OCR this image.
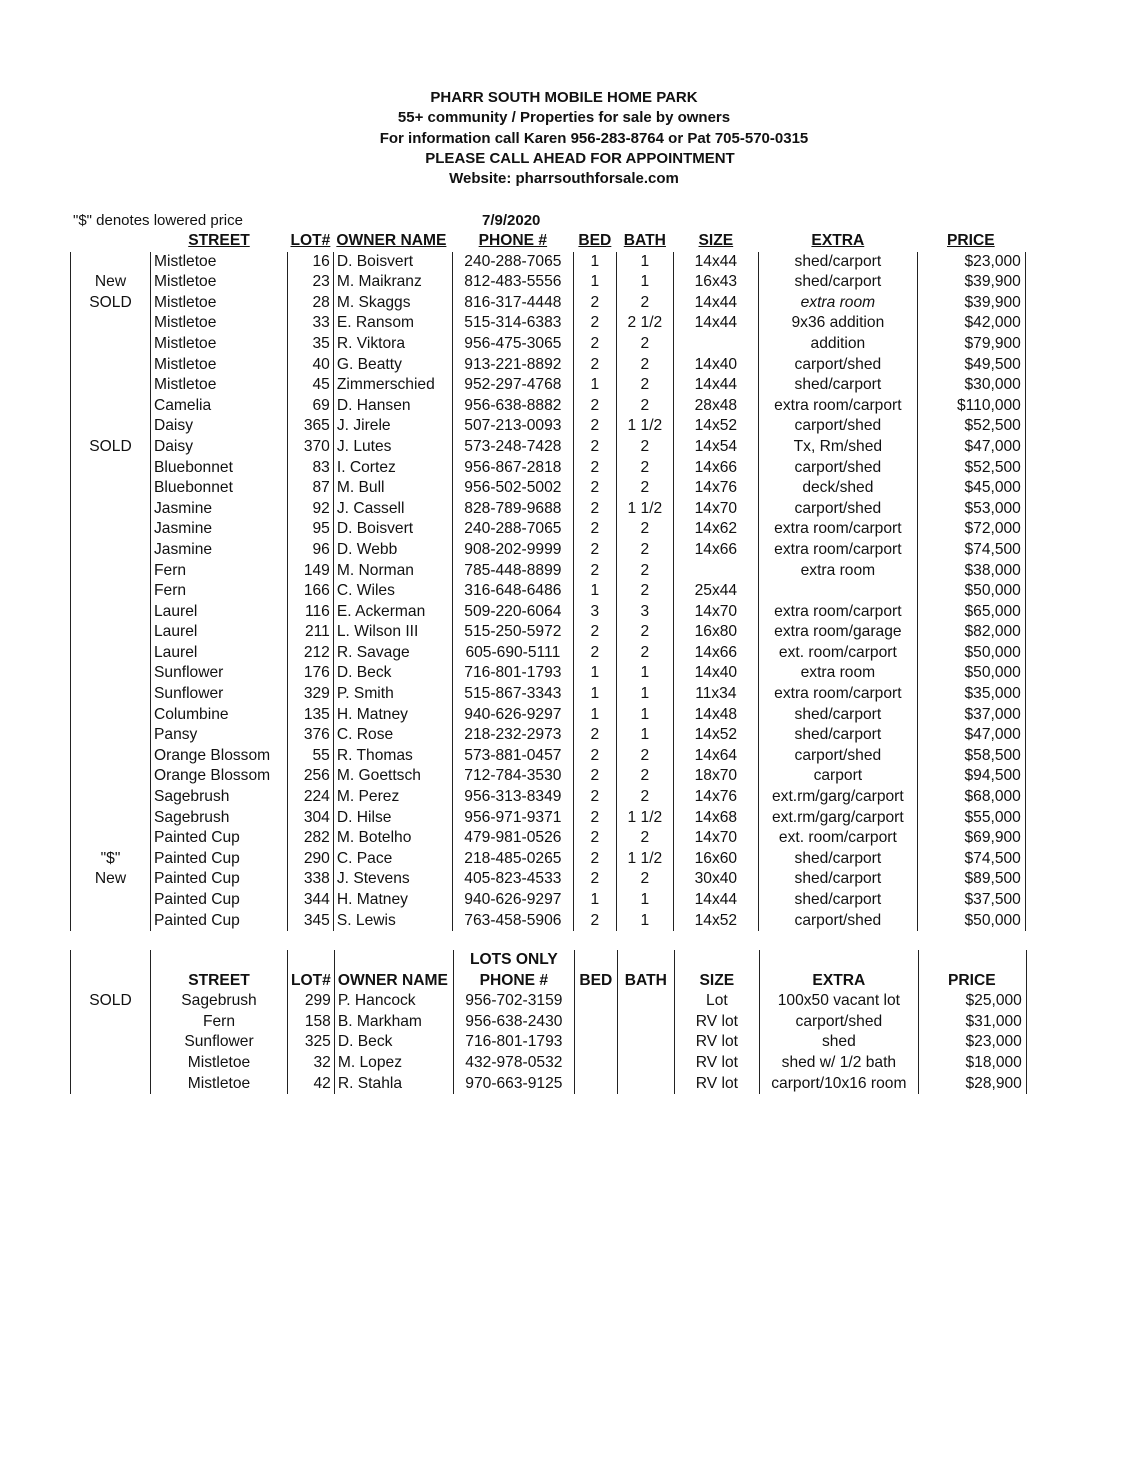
PHARR SOUTH MOBILE HOME PARK
55+ community / Properties for sale by owners
For information call Karen 956-283-8764 or Pat 705-570-0315
PLEASE CALL AHEAD FOR APPOINTMENT
Website: pharrsouthforsale.com
"$" denotes lowered price	7/9/2020
	STREET	LOT#	OWNER NAME	PHONE #	BED	BATH	SIZE	EXTRA	PRICE
	Mistletoe	16	D. Boisvert	240-288-7065	1	1	14x44	shed/carport	$23,000
New	Mistletoe	23	M. Maikranz	812-483-5556	1	1	16x43	shed/carport	$39,900
SOLD	Mistletoe	28	M. Skaggs	816-317-4448	2	2	14x44	extra room	$39,900
	Mistletoe	33	E. Ransom	515-314-6383	2	2 1/2	14x44	9x36 addition	$42,000
	Mistletoe	35	R. Viktora	956-475-3065	2	2		addition	$79,900
	Mistletoe	40	G. Beatty	913-221-8892	2	2	14x40	carport/shed	$49,500
	Mistletoe	45	Zimmerschied	952-297-4768	1	2	14x44	shed/carport	$30,000
	Camelia	69	D. Hansen	956-638-8882	2	2	28x48	extra room/carport	$110,000
	Daisy	365	J. Jirele	507-213-0093	2	1 1/2	14x52	carport/shed	$52,500
SOLD	Daisy	370	J. Lutes	573-248-7428	2	2	14x54	Tx, Rm/shed	$47,000
	Bluebonnet	83	I. Cortez	956-867-2818	2	2	14x66	carport/shed	$52,500
	Bluebonnet	87	M. Bull	956-502-5002	2	2	14x76	deck/shed	$45,000
	Jasmine	92	J. Cassell	828-789-9688	2	1 1/2	14x70	carport/shed	$53,000
	Jasmine	95	D. Boisvert	240-288-7065	2	2	14x62	extra room/carport	$72,000
	Jasmine	96	D. Webb	908-202-9999	2	2	14x66	extra room/carport	$74,500
	Fern	149	M. Norman	785-448-8899	2	2		extra room	$38,000
	Fern	166	C. Wiles	316-648-6486	1	2	25x44		$50,000
	Laurel	116	E. Ackerman	509-220-6064	3	3	14x70	extra room/carport	$65,000
	Laurel	211	L. Wilson III	515-250-5972	2	2	16x80	extra room/garage	$82,000
	Laurel	212	R. Savage	605-690-5111	2	2	14x66	ext. room/carport	$50,000
	Sunflower	176	D. Beck	716-801-1793	1	1	14x40	extra room	$50,000
	Sunflower	329	P. Smith	515-867-3343	1	1	11x34	extra room/carport	$35,000
	Columbine	135	H. Matney	940-626-9297	1	1	14x48	shed/carport	$37,000
	Pansy	376	C. Rose	218-232-2973	2	1	14x52	shed/carport	$47,000
	Orange Blossom	55	R. Thomas	573-881-0457	2	2	14x64	carport/shed	$58,500
	Orange Blossom	256	M. Goettsch	712-784-3530	2	2	18x70	carport	$94,500
	Sagebrush	224	M. Perez	956-313-8349	2	2	14x76	ext.rm/garg/carport	$68,000
	Sagebrush	304	D. Hilse	956-971-9371	2	1 1/2	14x68	ext.rm/garg/carport	$55,000
	Painted Cup	282	M. Botelho	479-981-0526	2	2	14x70	ext. room/carport	$69,900
"$"	Painted Cup	290	C. Pace	218-485-0265	2	1 1/2	16x60	shed/carport	$74,500
New	Painted Cup	338	J. Stevens	405-823-4533	2	2	30x40	shed/carport	$89,500
	Painted Cup	344	H. Matney	940-626-9297	1	1	14x44	shed/carport	$37,500
	Painted Cup	345	S. Lewis	763-458-5906	2	1	14x52	carport/shed	$50,000
				LOTS ONLY					
	STREET	LOT#	OWNER NAME	PHONE #	BED	BATH	SIZE	EXTRA	PRICE
SOLD	Sagebrush	299	P. Hancock	956-702-3159			Lot	100x50 vacant lot	$25,000
	Fern	158	B. Markham	956-638-2430			RV lot	carport/shed	$31,000
	Sunflower	325	D. Beck	716-801-1793			RV lot	shed	$23,000
	Mistletoe	32	M. Lopez	432-978-0532			RV lot	shed w/ 1/2 bath	$18,000
	Mistletoe	42	R. Stahla	970-663-9125			RV lot	carport/10x16 room	$28,900
